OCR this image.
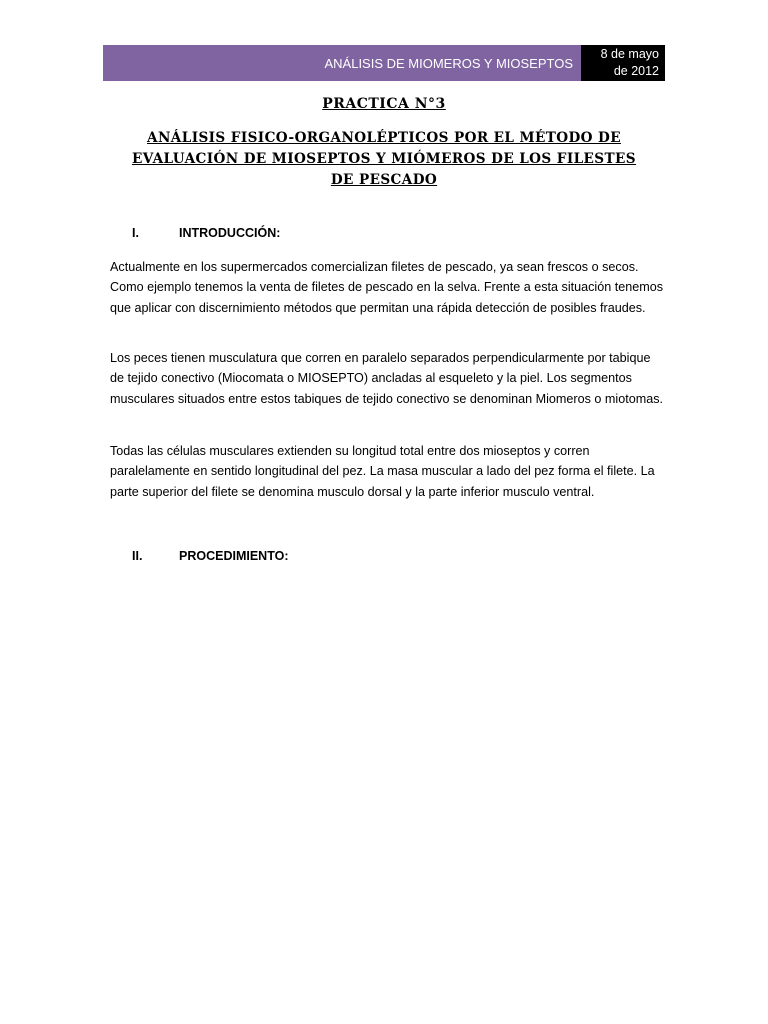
ANÁLISIS DE MIOMEROS Y MIOSEPTOS
8 de mayo
de 2012
PRACTICA N°3
ANÁLISIS FISICO-ORGANOLÉPTICOS POR EL MÉTODO DE EVALUACIÓN DE MIOSEPTOS Y MIÓMEROS DE LOS FILESTES DE PESCADO
I.	INTRODUCCIÓN:

Actualmente en los supermercados comercializan filetes de pescado, ya sean frescos o secos. Como ejemplo tenemos la venta de filetes de pescado en la selva. Frente a esta situación tenemos que aplicar con discernimiento métodos que permitan una rápida detección de posibles fraudes.

Los peces tienen musculatura que corren en paralelo separados perpendicularmente por tabique de tejido conectivo (Miocomata o MIOSEPTO) ancladas al esqueleto y la piel. Los segmentos musculares situados entre estos tabiques de tejido conectivo se denominan Miomeros o miotomas.

Todas las células musculares extienden su longitud total entre dos mioseptos y corren paralelamente en sentido longitudinal del pez. La masa muscular a lado del pez forma el filete. La parte superior del filete se denomina musculo dorsal y la parte inferior musculo ventral.

II.	PROCEDIMIENTO:
